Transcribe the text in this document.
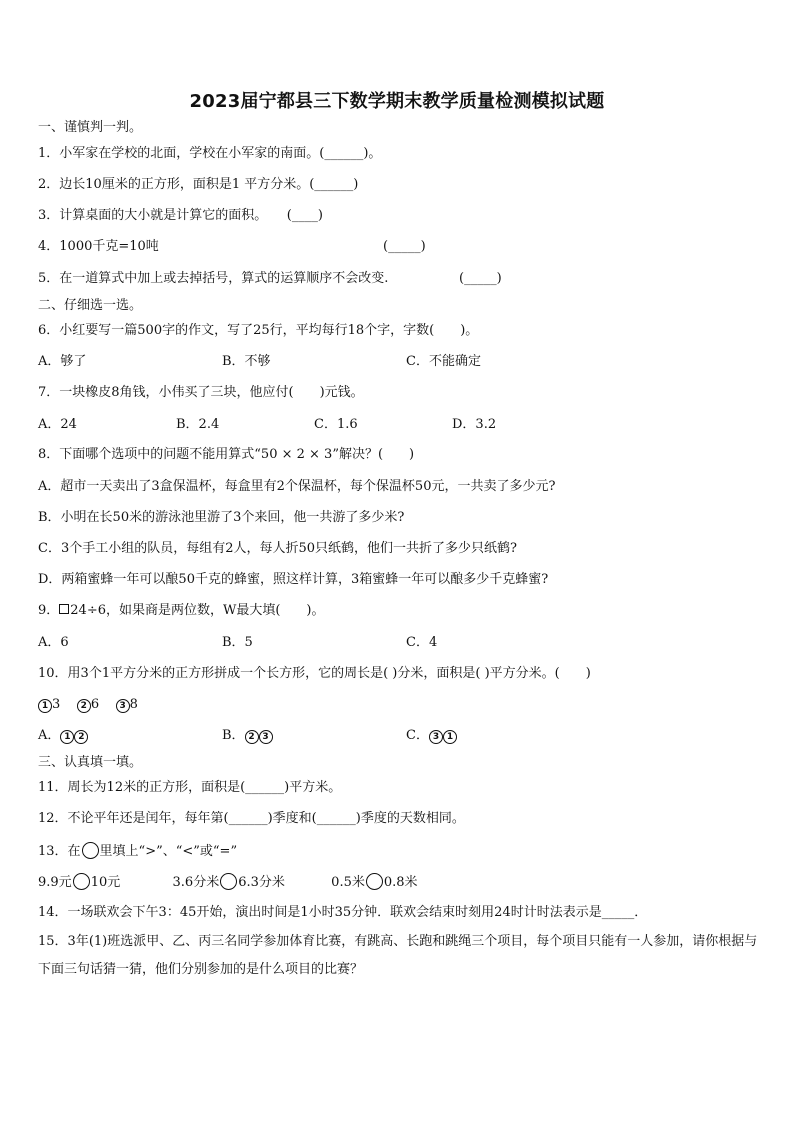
2023届宁都县三下数学期末教学质量检测模拟试题
一、谨慎判一判。
1．小军家在学校的北面，学校在小军家的南面。(______)。
2．边长10厘米的正方形，面积是1 平方分米。(______)
3．计算桌面的大小就是计算它的面积。　　(____)
4．1000千克=10吨	(_____)
5．在一道算式中加上或去掉括号，算式的运算顺序不会改变.	(_____)
二、仔细选一选。
6．小红要写一篇500字的作文，写了25行，平均每行18个字，字数(　　)。
A．够了	B．不够	C．不能确定
7．一块橡皮8角钱，小伟买了三块，他应付(　　)元钱。
A．24	B．2.4	C．1.6	D．3.2
8．下面哪个选项中的问题不能用算式“50 × 2 × 3”解决？(　　)
A．超市一天卖出了3盒保温杯，每盒里有2个保温杯，每个保温杯50元，一共卖了多少元?
B．小明在长50米的游泳池里游了3个来回，他一共游了多少米?
C．3个手工小组的队员，每组有2人，每人折50只纸鹤，他们一共折了多少只纸鹤?
D．两箱蜜蜂一年可以酿50千克的蜂蜜，照这样计算，3箱蜜蜂一年可以酿多少千克蜂蜜?
9． 24÷6，如果商是两位数，W最大填(　　)。
A．6	B．5	C．4
10．用3个1平方分米的正方形拼成一个长方形，它的周长是( )分米，面积是( )平方分米。(　　)
1 3 2 6 3 8
A． 1 2	B． 2 3	C． 3 1
三、认真填一填。
11．周长为12米的正方形，面积是(______)平方米。
12．不论平年还是闰年，每年第(______)季度和(______)季度的天数相同。
13．在 里填上“>”、“<”或“=”
9.9元 10元	3.6分米 6.3分米	0.5米 0.8米
14．一场联欢会下午3：45开始，演出时间是1小时35分钟．联欢会结束时刻用24时计时法表示是_____．
15．3年(1)班选派甲、乙、丙三名同学参加体育比赛，有跳高、长跑和跳绳三个项目，每个项目只能有一人参加，请你根据与下面三句话猜一猜，他们分别参加的是什么项目的比赛？
